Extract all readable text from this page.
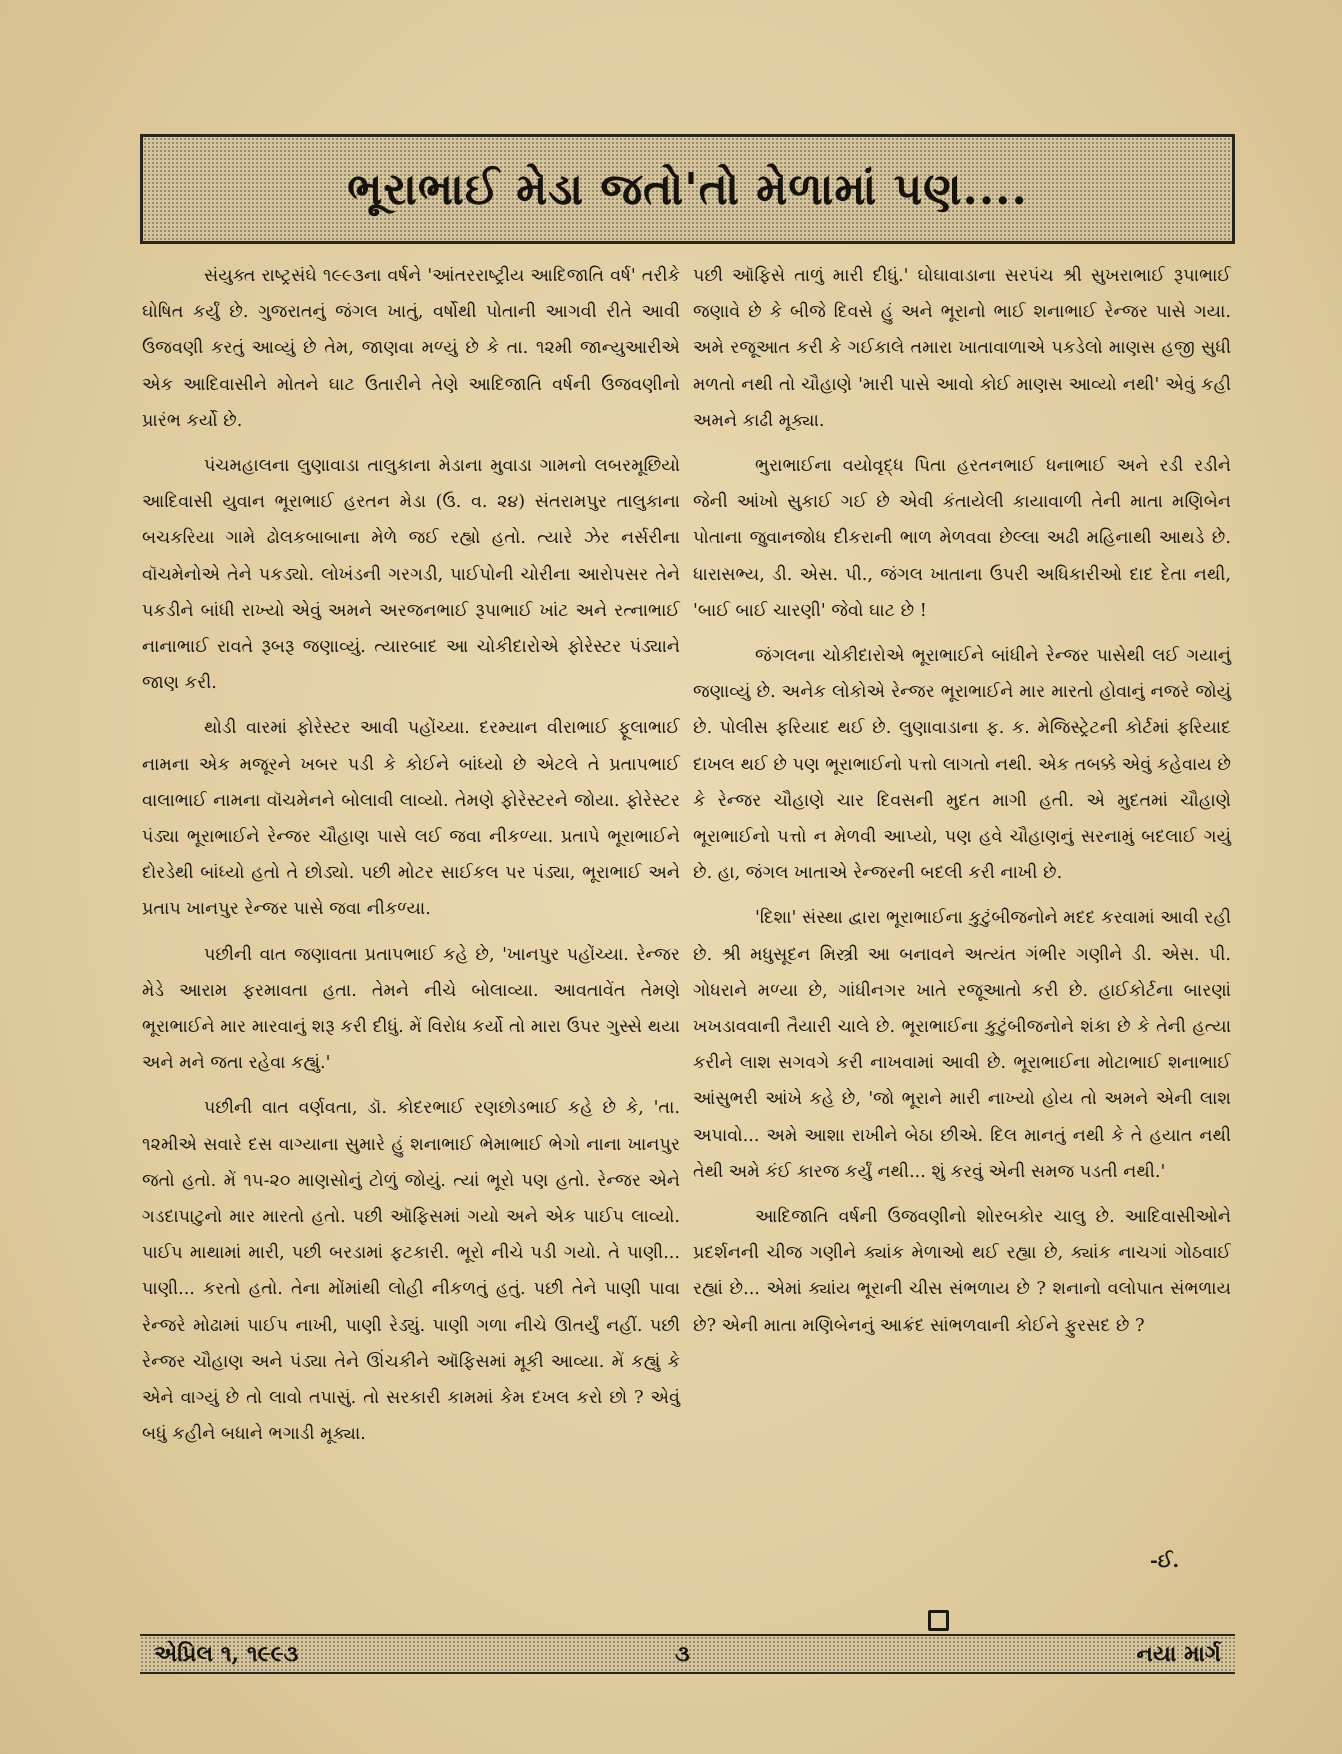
ભૂરાભાઈ મેડા જતો'તો મેળામાં પણ....

સંયુક્ત રાષ્ટ્રસંઘે ૧૯૯૩ના વર્ષને 'આંતરરાષ્ટ્રીય આદિજાતિ વર્ષ' તરીકે ઘોષિત કર્યું છે. ગુજરાતનું જંગલ ખાતું, વર્ષોથી પોતાની આગવી રીતે આવી ઉજવણી કરતું આવ્યું છે તેમ, જાણવા મળ્યું છે કે તા. ૧૨મી જાન્યુઆરીએ એક આદિવાસીને મોતને ઘાટ ઉતારીને તેણે આદિજાતિ વર્ષની ઉજવણીનો પ્રારંભ કર્યો છે.

પંચમહાલના લુણાવાડા તાલુકાના મેડાના મુવાડા ગામનો લબરમૂછિયો આદિવાસી યુવાન ભૂરાભાઈ હરતન મેડા (ઉ. વ. ૨૪) સંતરામપુર તાલુકાના બચકરિયા ગામે ઢોલકબાબાના મેળે જઈ રહ્યો હતો. ત્યારે ઝેર નર્સરીના વૉચમેનોએ તેને પકડ્યો. લોખંડની ગરગડી, પાઈપોની ચોરીના આરોપસર તેને પકડીને બાંધી રાખ્યો એવું અમને અરજનભાઈ રૂપાભાઈ ખાંટ અને રત્નાભાઈ નાનાભાઈ રાવતે રૂબરૂ જણાવ્યું. ત્યારબાદ આ ચોકીદારોએ ફોરેસ્ટર પંડ્યાને જાણ કરી.

થોડી વારમાં ફોરેસ્ટર આવી પહોંચ્યા. દરમ્યાન વીરાભાઈ ફૂલાભાઈ નામના એક મજૂરને ખબર પડી કે કોઈને બાંધ્યો છે એટલે તે પ્રતાપભાઈ વાલાભાઈ નામના વૉચમેનને બોલાવી લાવ્યો. તેમણે ફોરેસ્ટરને જોયા. ફોરેસ્ટર પંડ્યા ભૂરાભાઈને રેન્જર ચૌહાણ પાસે લઈ જવા નીકળ્યા. પ્રતાપે ભૂરાભાઈને દોરડેથી બાંધ્યો હતો તે છોડ્યો. પછી મોટર સાઈકલ પર પંડ્યા, ભૂરાભાઈ અને પ્રતાપ ખાનપુર રેન્જર પાસે જવા નીકળ્યા.

પછીની વાત જણાવતા પ્રતાપભાઈ કહે છે, 'ખાનપુર પહોંચ્યા. રેન્જર મેડે આરામ ફરમાવતા હતા. તેમને નીચે બોલાવ્યા. આવતાવેંત તેમણે ભૂરાભાઈને માર મારવાનું શરૂ કરી દીધું. મેં વિરોધ કર્યો તો મારા ઉપર ગુસ્સે થયા અને મને જતા રહેવા કહ્યું.'

પછીની વાત વર્ણવતા, ડૉ. કોદરભાઈ રણછોડભાઈ કહે છે કે, 'તા. ૧૨મીએ સવારે દસ વાગ્યાના સુમારે હું શનાભાઈ ભેમાભાઈ ભેગો નાના ખાનપુર જતો હતો. મેં ૧૫-૨૦ માણસોનું ટોળું જોયું. ત્યાં ભૂરો પણ હતો. રેન્જર એને ગડદાપાટુનો માર મારતો હતો. પછી ઑફિસમાં ગયો અને એક પાઈપ લાવ્યો. પાઈપ માથામાં મારી, પછી બરડામાં ફટકારી. ભૂરો નીચે પડી ગયો. તે પાણી... પાણી... કરતો હતો. તેના મોંમાંથી લોહી નીકળતું હતું. પછી તેને પાણી પાવા રેન્જરે મોઢામાં પાઈપ નાખી, પાણી રેડ્યું. પાણી ગળા નીચે ઊતર્યું નહીં. પછી રેન્જર ચૌહાણ અને પંડ્યા તેને ઊંચકીને ઑફિસમાં મૂકી આવ્યા. મેં કહ્યું કે એને વાગ્યું છે તો લાવો તપાસું. તો સરકારી કામમાં કેમ દખલ કરો છો ? એવું બધું કહીને બધાને ભગાડી મૂક્યા.

પછી ઑફિસે તાળું મારી દીધું.' ઘોઘાવાડાના સરપંચ શ્રી સુખરાભાઈ રૂપાભાઈ જણાવે છે કે બીજે દિવસે હું અને ભૂરાનો ભાઈ શનાભાઈ રેન્જર પાસે ગયા. અમે રજૂઆત કરી કે ગઈકાલે તમારા ખાતાવાળાએ પકડેલો માણસ હજી સુધી મળતો નથી તો ચૌહાણે 'મારી પાસે આવો કોઈ માણસ આવ્યો નથી' એવું કહી અમને કાઢી મૂક્યા.

ભુરાભાઈના વયોવૃદ્ધ પિતા હરતનભાઈ ધનાભાઈ અને રડી રડીને જેની આંખો સુકાઈ ગઈ છે એવી કંતાયેલી કાયાવાળી તેની માતા મણિબેન પોતાના જુવાનજોધ દીકરાની ભાળ મેળવવા છેલ્લા અઢી મહિનાથી આથડે છે. ધારાસભ્ય, ડી. એસ. પી., જંગલ ખાતાના ઉપરી અધિકારીઓ દાદ દેતા નથી, 'બાઈ બાઈ ચારણી' જેવો ઘાટ છે !

જંગલના ચોકીદારોએ ભૂરાભાઈને બાંધીને રેન્જર પાસેથી લઈ ગયાનું જણાવ્યું છે. અનેક લોકોએ રેન્જર ભૂરાભાઈને માર મારતો હોવાનું નજરે જોયું છે. પોલીસ ફરિયાદ થઈ છે. લુણાવાડાના ફ. ક. મેજિસ્ટ્રેટની કોર્ટમાં ફરિયાદ દાખલ થઈ છે પણ ભૂરાભાઈનો પત્તો લાગતો નથી. એક તબક્કે એવું કહેવાય છે કે રેન્જર ચૌહાણે ચાર દિવસની મુદત માગી હતી. એ મુદતમાં ચૌહાણે ભૂરાભાઈનો પત્તો ન મેળવી આપ્યો, પણ હવે ચૌહાણનું સરનામું બદલાઈ ગયું છે. હા, જંગલ ખાતાએ રેન્જરની બદલી કરી નાખી છે.

'દિશા' સંસ્થા દ્વારા ભૂરાભાઈના કુટુંબીજનોને મદદ કરવામાં આવી રહી છે. શ્રી મધુસૂદન મિસ્ત્રી આ બનાવને અત્યંત ગંભીર ગણીને ડી. એસ. પી. ગોધરાને મળ્યા છે, ગાંધીનગર ખાતે રજૂઆતો કરી છે. હાઈકોર્ટના બારણાં ખખડાવવાની તૈયારી ચાલે છે. ભૂરાભાઈના કુટુંબીજનોને શંકા છે કે તેની હત્યા કરીને લાશ સગવગે કરી નાખવામાં આવી છે. ભૂરાભાઈના મોટાભાઈ શનાભાઈ આંસુભરી આંખે કહે છે, 'જો ભૂરાને મારી નાખ્યો હોય તો અમને એની લાશ અપાવો... અમે આશા રાખીને બેઠા છીએ. દિલ માનતું નથી કે તે હયાત નથી તેથી અમે કંઈ કારજ કર્યું નથી... શું કરવું એની સમજ પડતી નથી.'

આદિજાતિ વર્ષની ઉજવણીનો શોરબકોર ચાલુ છે. આદિવાસીઓને પ્રદર્શનની ચીજ ગણીને ક્યાંક મેળાઓ થઈ રહ્યા છે, ક્યાંક નાચગાં ગોઠવાઈ રહ્યાં છે... એમાં ક્યાંય ભૂરાની ચીસ સંભળાય છે ? શનાનો વલોપાત સંભળાય છે? એની માતા મણિબેનનું આક્રંદ સાંભળવાની કોઈને ફુરસદ છે ?

-ઈ.
એપ્રિલ ૧, ૧૯૯૩	૩	નયા માર્ગ
